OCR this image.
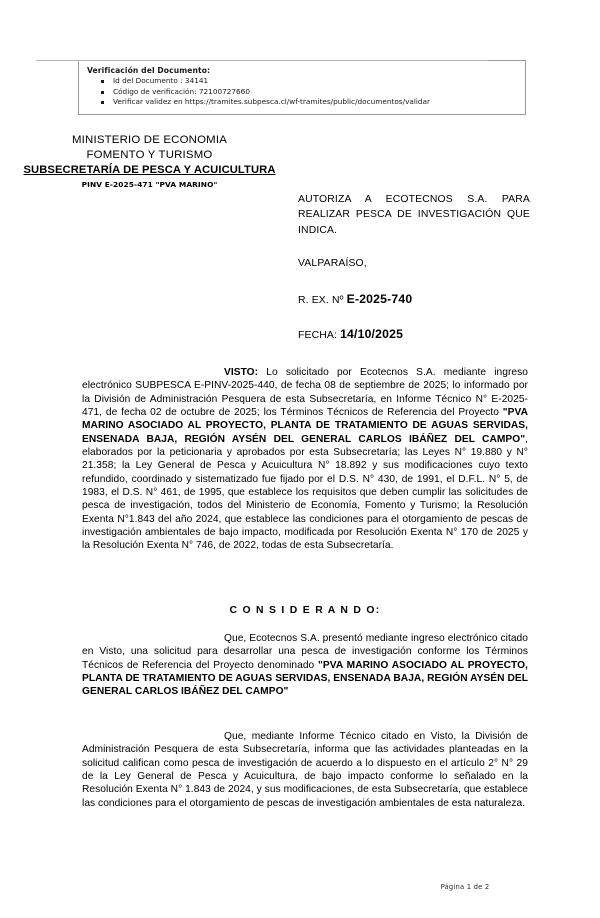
Verificación del Documento:
Id del Documento : 34141
Código de verificación: 72100727660
Verificar validez en https://tramites.subpesca.cl/wf-tramites/public/documentos/validar
MINISTERIO DE ECONOMIA
FOMENTO Y TURISMO
SUBSECRETARÍA DE PESCA Y ACUICULTURA
PINV E-2025-471 "PVA MARINO"
AUTORIZA A ECOTECNOS S.A. PARA REALIZAR PESCA DE INVESTIGACIÓN QUE INDICA.
VALPARAÍSO,
R. EX. Nº E-2025-740
FECHA: 14/10/2025

VISTO: Lo solicitado por Ecotecnos S.A. mediante ingreso electrónico SUBPESCA E-PINV-2025-440, de fecha 08 de septiembre de 2025; lo informado por la División de Administración Pesquera de esta Subsecretaría, en Informe Técnico N° E-2025-471, de fecha 02 de octubre de 2025; los Términos Técnicos de Referencia del Proyecto "PVA MARINO ASOCIADO AL PROYECTO, PLANTA DE TRATAMIENTO DE AGUAS SERVIDAS, ENSENADA BAJA, REGIÓN AYSÉN DEL GENERAL CARLOS IBÁÑEZ DEL CAMPO", elaborados por la peticionaria y aprobados por esta Subsecretaría; las Leyes N° 19.880 y N° 21.358; la Ley General de Pesca y Acuicultura N° 18.892 y sus modificaciones cuyo texto refundido, coordinado y sistematizado fue fijado por el D.S. N° 430, de 1991, el D.F.L. N° 5, de 1983, el D.S. N° 461, de 1995, que establece los requisitos que deben cumplir las solicitudes de pesca de investigación, todos del Ministerio de Economía, Fomento y Turismo; la Resolución Exenta N°1.843 del año 2024, que establece las condiciones para el otorgamiento de pescas de investigación ambientales de bajo impacto, modificada por Resolución Exenta N° 170 de 2025 y la Resolución Exenta N° 746, de 2022, todas de esta Subsecretaría.

C O N S I D E R A N D O:

Que, Ecotecnos S.A. presentó mediante ingreso electrónico citado en Visto, una solicitud para desarrollar una pesca de investigación conforme los Términos Técnicos de Referencia del Proyecto denominado "PVA MARINO ASOCIADO AL PROYECTO, PLANTA DE TRATAMIENTO DE AGUAS SERVIDAS, ENSENADA BAJA, REGIÓN AYSÉN DEL GENERAL CARLOS IBÁÑEZ DEL CAMPO"

Que, mediante Informe Técnico citado en Visto, la División de Administración Pesquera de esta Subsecretaría, informa que las actividades planteadas en la solicitud califican como pesca de investigación de acuerdo a lo dispuesto en el artículo 2° N° 29 de la Ley General de Pesca y Acuicultura, de bajo impacto conforme lo señalado en la Resolución Exenta N° 1.843 de 2024, y sus modificaciones, de esta Subsecretaría, que establece las condiciones para el otorgamiento de pescas de investigación ambientales de esta naturaleza.

Página 1 de 2
